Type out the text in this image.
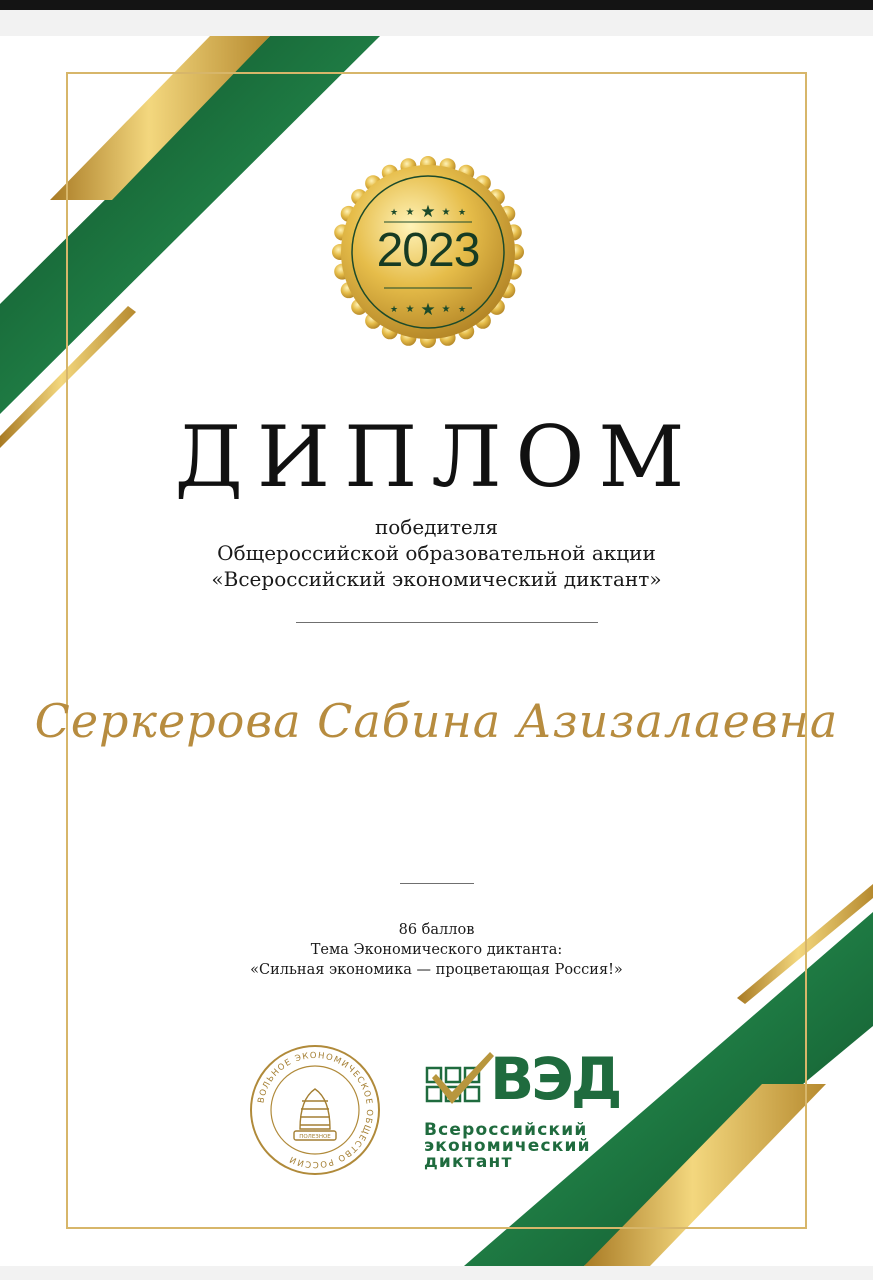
★ ★ ★ ★ ★
★ ★ ★ ★ ★
2023
ДИПЛОМ
победителя
Общероссийской образовательной акции
«Всероссийский экономический диктант»
Серкерова Сабина Азизалаевна
86 баллов
Тема Экономического диктанта:
«Сильная экономика — процветающая Россия!»
ВОЛЬНОЕ ЭКОНОМИЧЕСКОЕ ОБЩЕСТВО РОССИИ
ПОЛЕЗНОЕ
ВЭД
Всероссийский
экономический
диктант
